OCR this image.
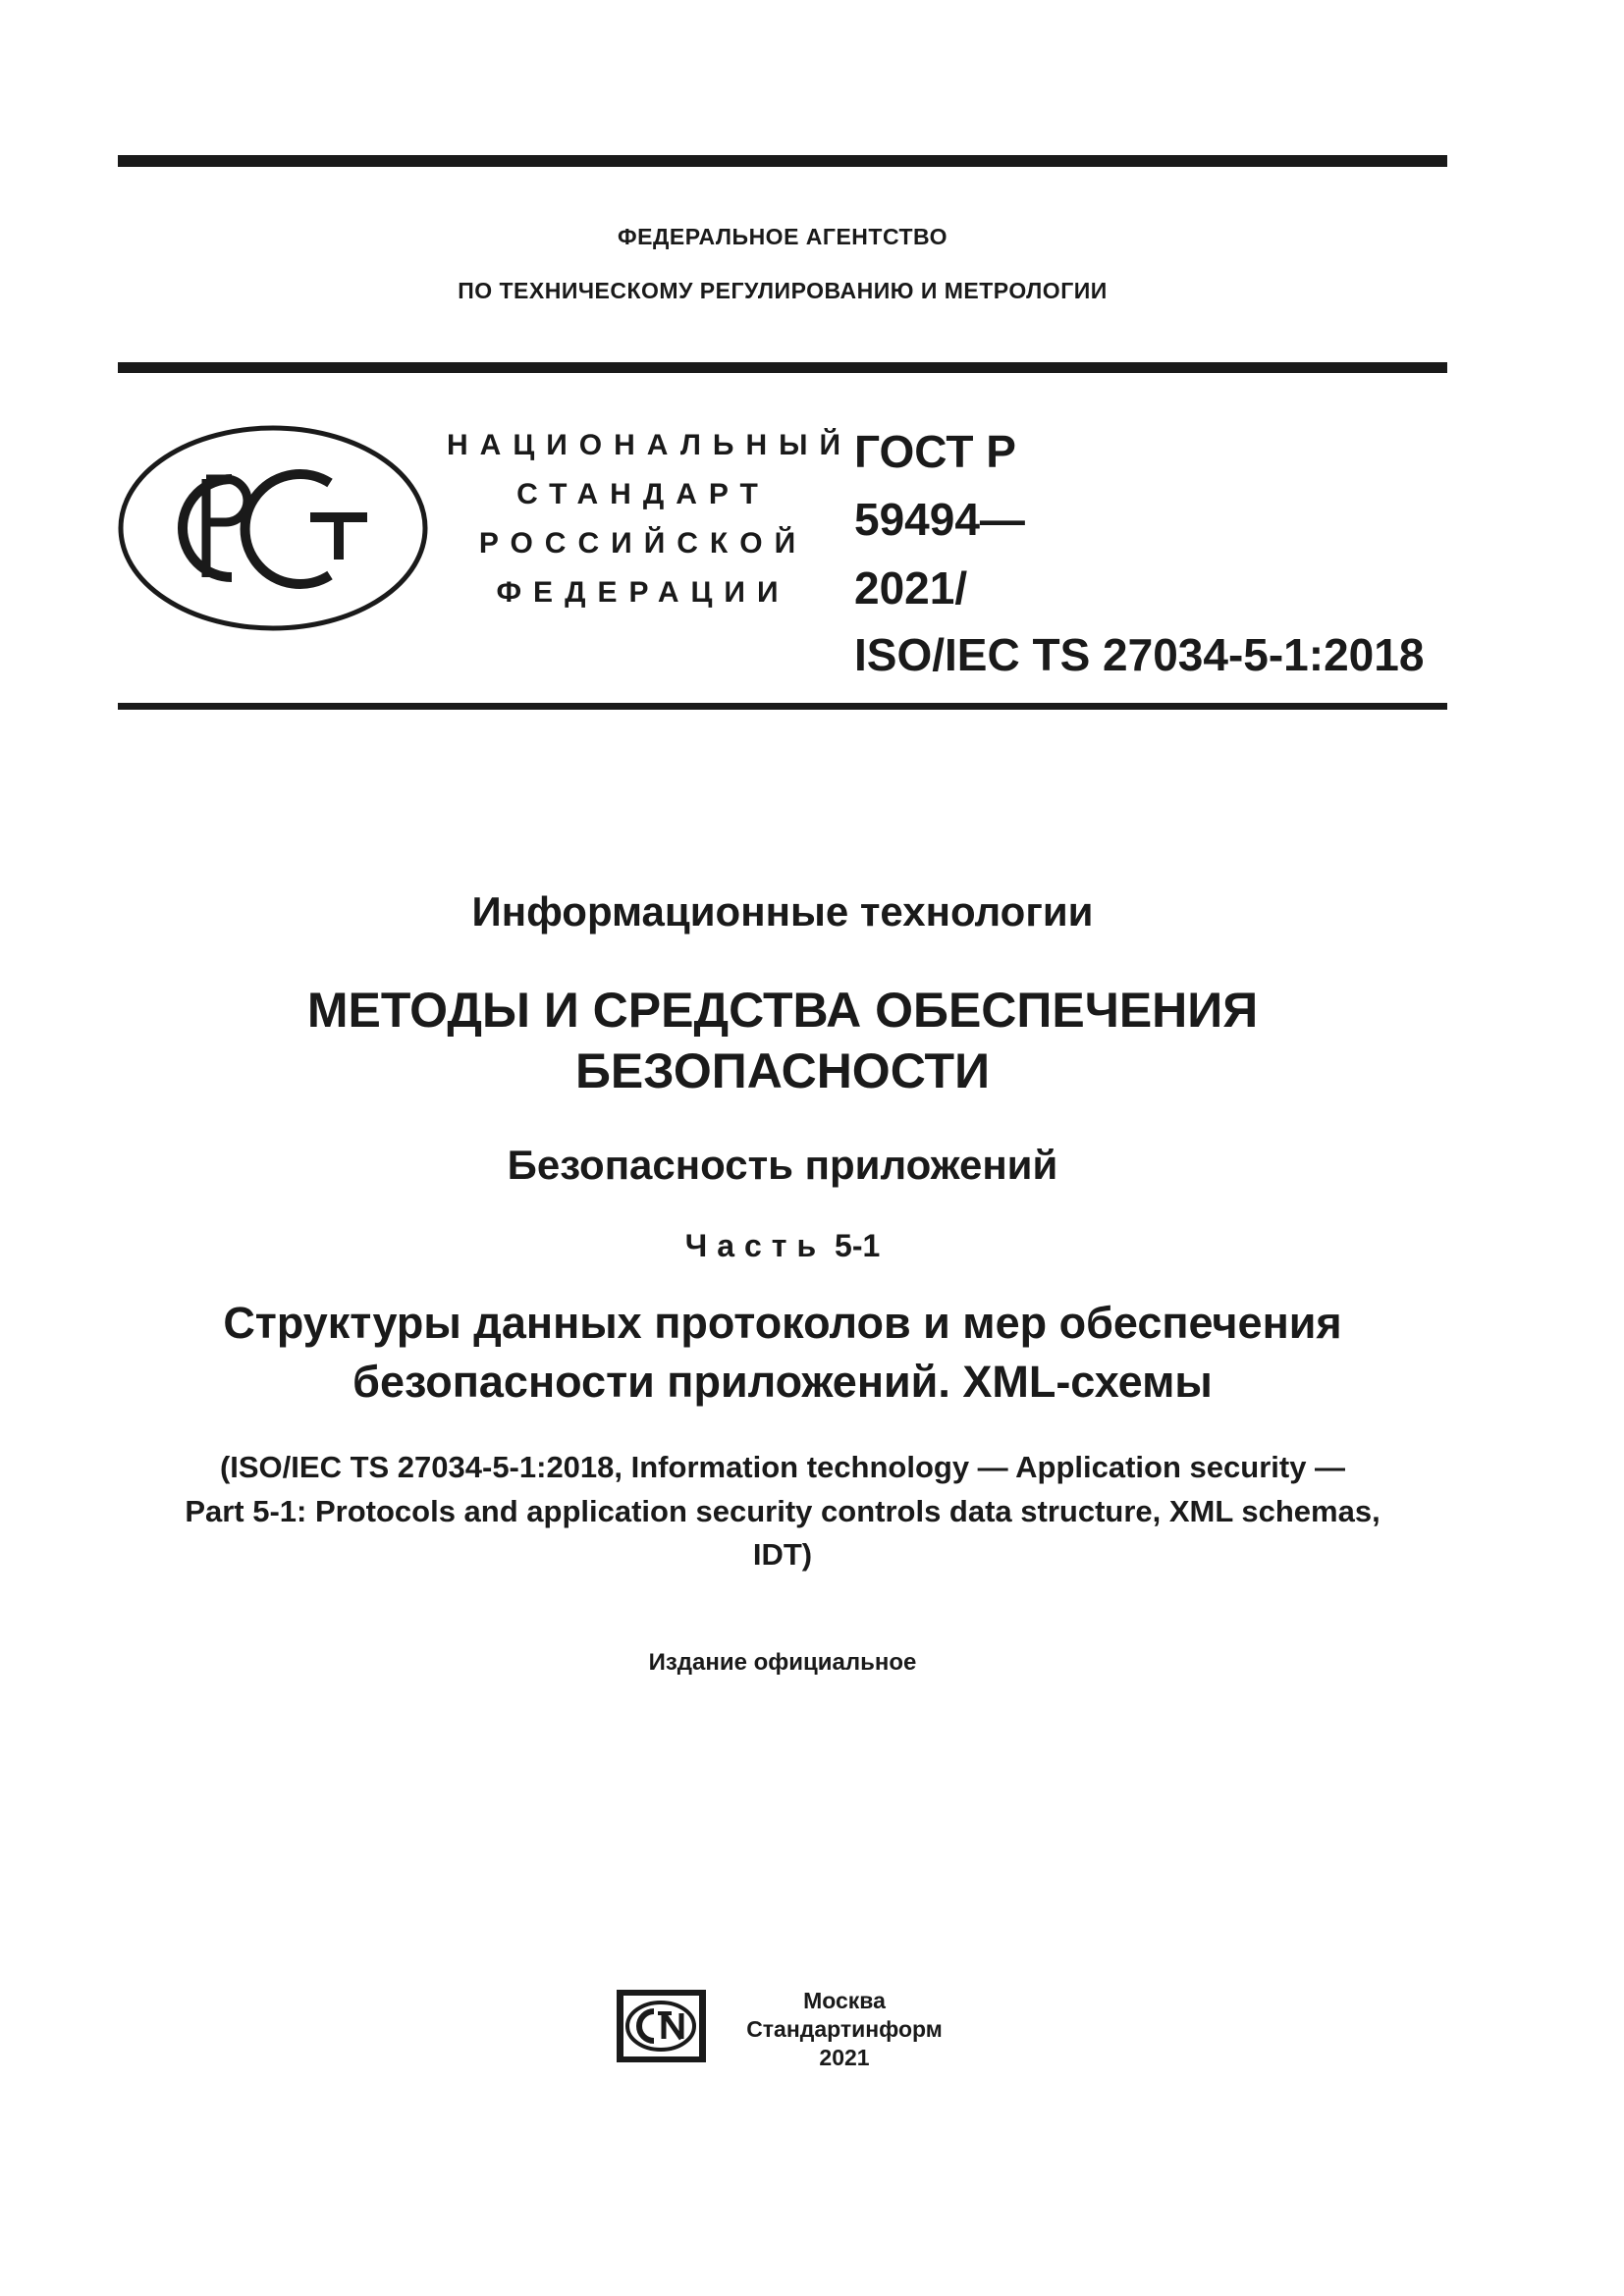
ФЕДЕРАЛЬНОЕ АГЕНТСТВО
ПО ТЕХНИЧЕСКОМУ РЕГУЛИРОВАНИЮ И МЕТРОЛОГИИ
НАЦИОНАЛЬНЫЙ
СТАНДАРТ
РОССИЙСКОЙ
ФЕДЕРАЦИИ
ГОСТ Р
59494—
2021/
ISO/IEC TS 27034-5-1:2018
Информационные технологии
МЕТОДЫ И СРЕДСТВА ОБЕСПЕЧЕНИЯ
БЕЗОПАСНОСТИ
Безопасность приложений
Часть 5-1
Структуры данных протоколов и мер обеспечения
безопасности приложений. XML-схемы
(ISO/IEC TS 27034-5-1:2018, Information technology — Application security —
Part 5-1: Protocols and application security controls data structure, XML schemas,
IDT)
Издание официальное
Москва
Стандартинформ
2021
